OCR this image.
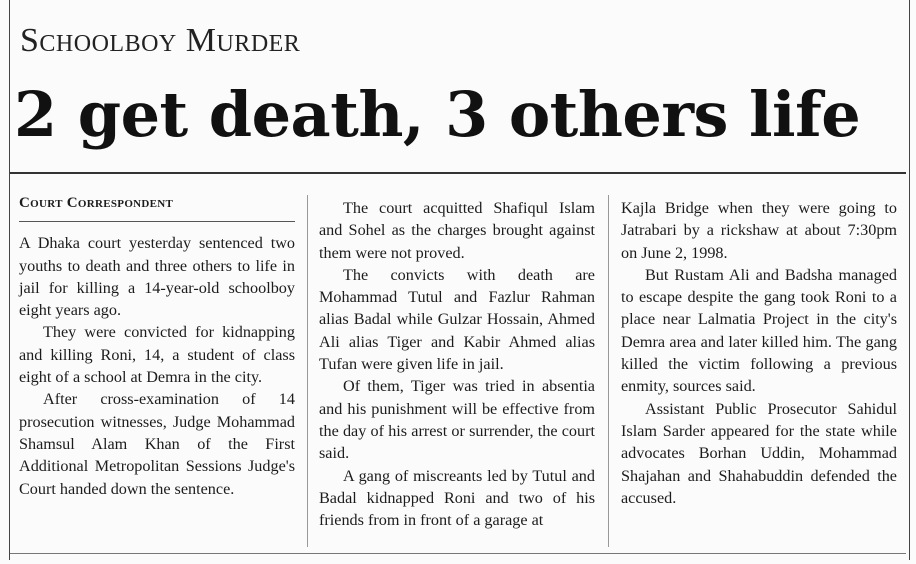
Schoolboy Murder
2 get death, 3 others life
Court Correspondent

A Dhaka court yesterday sentenced two youths to death and three others to life in jail for killing a 14-year-old schoolboy eight years ago.

They were convicted for kidnapping and killing Roni, 14, a student of class eight of a school at Demra in the city.

After cross-examination of 14 prosecution witnesses, Judge Mohammad Shamsul Alam Khan of the First Additional Metropolitan Sessions Judge's Court handed down the sentence.

The court acquitted Shafiqul Islam and Sohel as the charges brought against them were not proved.

The convicts with death are Mohammad Tutul and Fazlur Rahman alias Badal while Gulzar Hossain, Ahmed Ali alias Tiger and Kabir Ahmed alias Tufan were given life in jail.

Of them, Tiger was tried in absentia and his punishment will be effective from the day of his arrest or surrender, the court said.

A gang of miscreants led by Tutul and Badal kidnapped Roni and two of his friends from in front of a garage at

Kajla Bridge when they were going to Jatrabari by a rickshaw at about 7:30pm on June 2, 1998.

But Rustam Ali and Badsha managed to escape despite the gang took Roni to a place near Lalmatia Project in the city's Demra area and later killed him. The gang killed the victim following a previous enmity, sources said.

Assistant Public Prosecutor Sahidul Islam Sarder appeared for the state while advocates Borhan Uddin, Mohammad Shajahan and Shahabuddin defended the accused.
